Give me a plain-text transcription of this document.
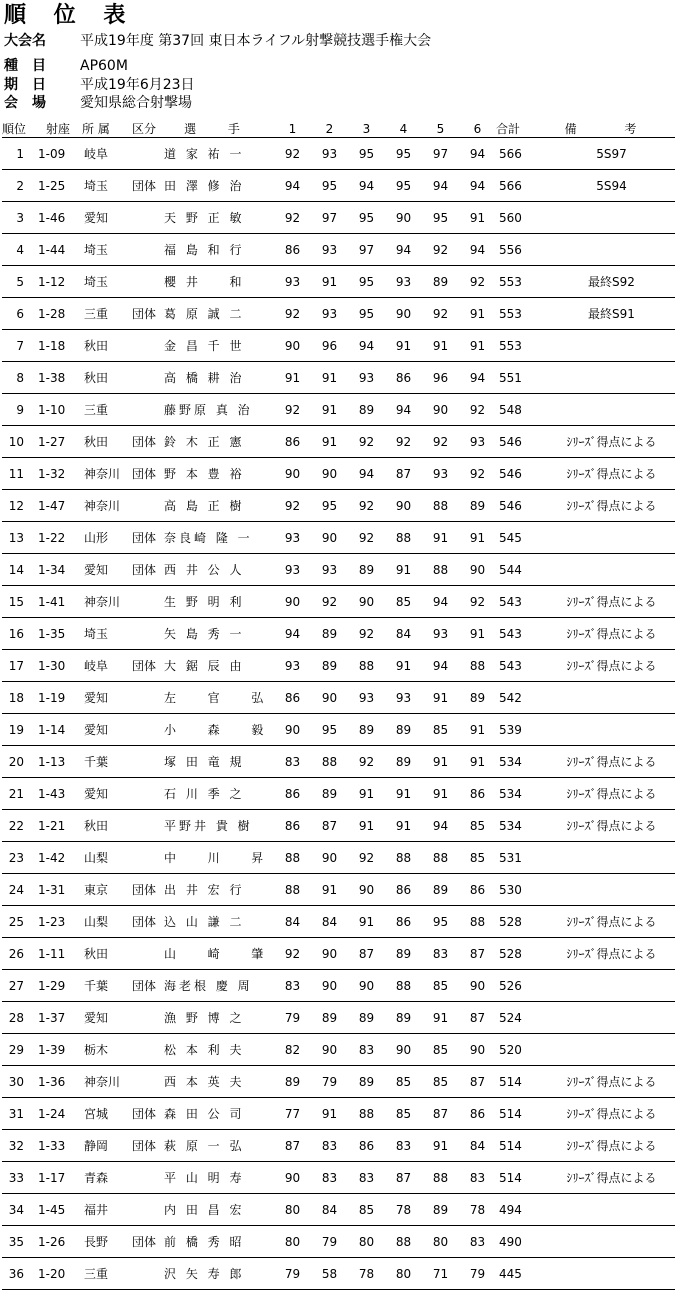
順 位 表
大会名 平成19年度 第37回 東日本ライフル射撃競技選手権大会
種　目 AP60M
期　日 平成19年6月23日
会　場 愛知県総合射撃場
順位	射座	所 属	区分	選 手	1	2	3	4	5	6	合計	備 考
1	1-09	岐阜		道 家 祐 一	92	93	95	95	97	94	566	5S97
2	1-25	埼玉	団体	田 澤 修 治	94	95	94	95	94	94	566	5S94
3	1-46	愛知		天 野 正 敏	92	97	95	90	95	91	560	
4	1-44	埼玉		福 島 和 行	86	93	97	94	92	94	556	
5	1-12	埼玉		櫻 井 　 和	93	91	95	93	89	92	553	最終S92
6	1-28	三重	団体	葛 原 誠 二	92	93	95	90	92	91	553	最終S91
7	1-18	秋田		金 昌 千 世	90	96	94	91	91	91	553	
8	1-38	秋田		高 橋 耕 治	91	91	93	86	96	94	551	
9	1-10	三重		藤野原 真 治	92	91	89	94	90	92	548	
10	1-27	秋田	団体	鈴 木 正 憲	86	91	92	92	92	93	546	ｼﾘｰｽﾞ得点による
11	1-32	神奈川	団体	野 本 豊 裕	90	90	94	87	93	92	546	ｼﾘｰｽﾞ得点による
12	1-47	神奈川		高 島 正 樹	92	95	92	90	88	89	546	ｼﾘｰｽﾞ得点による
13	1-22	山形	団体	奈良崎 隆 一	93	90	92	88	91	91	545	
14	1-34	愛知	団体	西 井 公 人	93	93	89	91	88	90	544	
15	1-41	神奈川		生 野 明 利	90	92	90	85	94	92	543	ｼﾘｰｽﾞ得点による
16	1-35	埼玉		矢 島 秀 一	94	89	92	84	93	91	543	ｼﾘｰｽﾞ得点による
17	1-30	岐阜	団体	大 鋸 辰 由	93	89	88	91	94	88	543	ｼﾘｰｽﾞ得点による
18	1-19	愛知		左 　 官 　 弘	86	90	93	93	91	89	542	
19	1-14	愛知		小 　 森 　 毅	90	95	89	89	85	91	539	
20	1-13	千葉		塚 田 竜 規	83	88	92	89	91	91	534	ｼﾘｰｽﾞ得点による
21	1-43	愛知		石 川 季 之	86	89	91	91	91	86	534	ｼﾘｰｽﾞ得点による
22	1-21	秋田		平野井 貴 樹	86	87	91	91	94	85	534	ｼﾘｰｽﾞ得点による
23	1-42	山梨		中 　 川 　 昇	88	90	92	88	88	85	531	
24	1-31	東京	団体	出 井 宏 行	88	91	90	86	89	86	530	
25	1-23	山梨	団体	込 山 謙 二	84	84	91	86	95	88	528	ｼﾘｰｽﾞ得点による
26	1-11	秋田		山 　 崎 　 肇	92	90	87	89	83	87	528	ｼﾘｰｽﾞ得点による
27	1-29	千葉	団体	海老根 慶 周	83	90	90	88	85	90	526	
28	1-37	愛知		漁 野 博 之	79	89	89	89	91	87	524	
29	1-39	栃木		松 本 利 夫	82	90	83	90	85	90	520	
30	1-36	神奈川		西 本 英 夫	89	79	89	85	85	87	514	ｼﾘｰｽﾞ得点による
31	1-24	宮城	団体	森 田 公 司	77	91	88	85	87	86	514	ｼﾘｰｽﾞ得点による
32	1-33	静岡	団体	萩 原 一 弘	87	83	86	83	91	84	514	ｼﾘｰｽﾞ得点による
33	1-17	青森		平 山 明 寿	90	83	83	87	88	83	514	ｼﾘｰｽﾞ得点による
34	1-45	福井		内 田 昌 宏	80	84	85	78	89	78	494	
35	1-26	長野	団体	前 橋 秀 昭	80	79	80	88	80	83	490	
36	1-20	三重		沢 矢 寿 郎	79	58	78	80	71	79	445	
